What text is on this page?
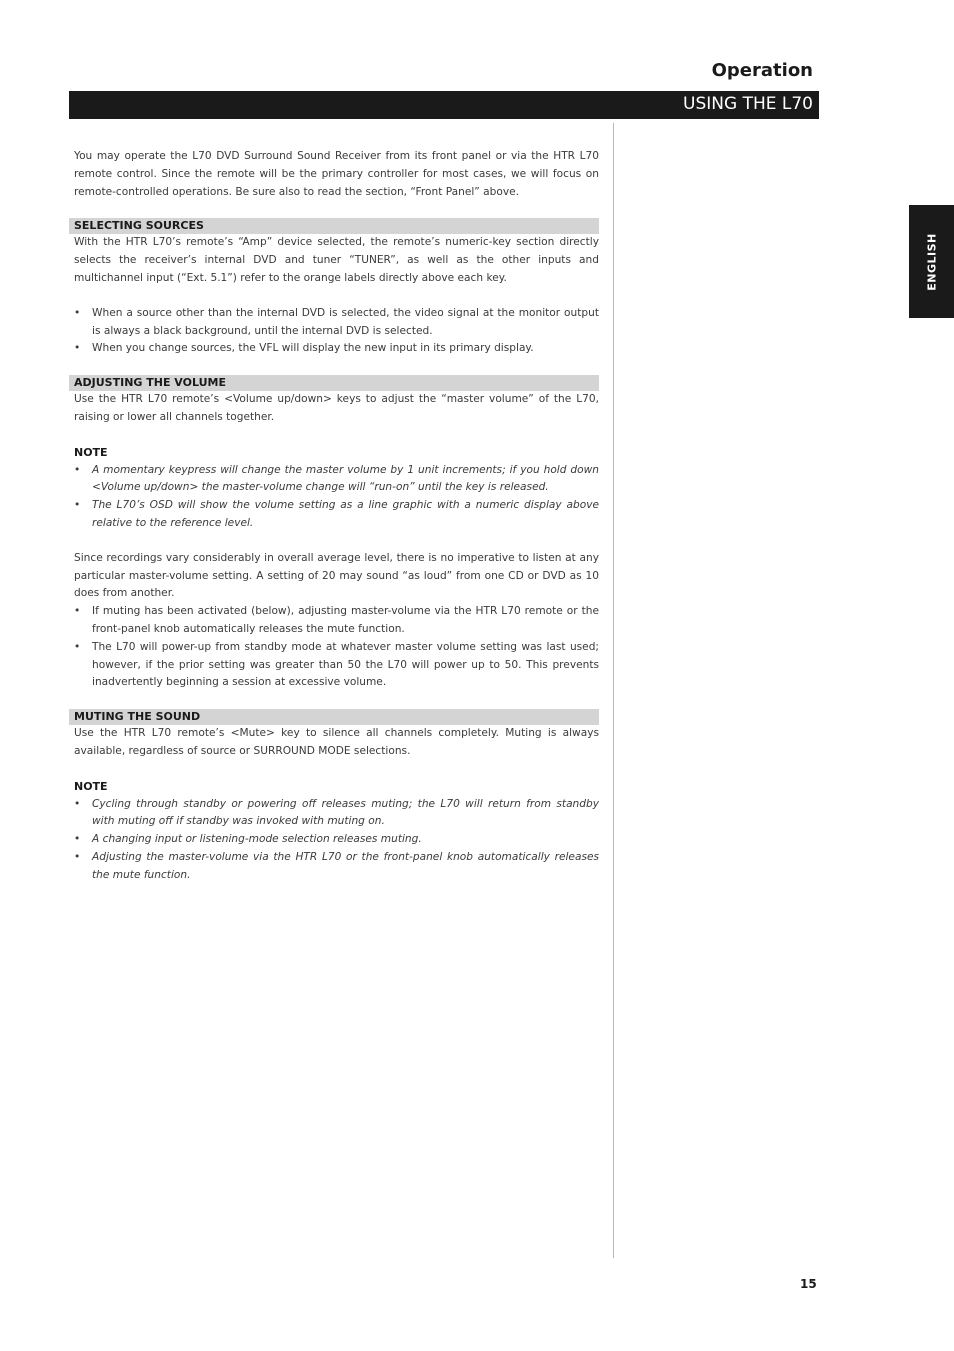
Operation
USING THE L70
ENGLISH

You may operate the L70 DVD Surround Sound Receiver from its front panel or via the HTR L70 remote control. Since the remote will be the primary controller for most cases, we will focus on remote-controlled operations. Be sure also to read the section, “Front Panel” above.

SELECTING SOURCES

With the HTR L70’s remote’s “Amp” device selected, the remote’s numeric-key section directly selects the receiver’s internal DVD and tuner “TUNER”, as well as the other inputs and multichannel input (“Ext. 5.1”) refer to the orange labels directly above each key.

• When a source other than the internal DVD is selected, the video signal at the monitor output is always a black background, until the internal DVD is selected.
• When you change sources, the VFL will display the new input in its primary display.
ADJUSTING THE VOLUME

Use the HTR L70 remote’s <Volume up/down> keys to adjust the “master volume” of the L70, raising or lower all channels together.

NOTE
• A momentary keypress will change the master volume by 1 unit increments; if you hold down <Volume up/down> the master-volume change will “run-on” until the key is released.
• The L70’s OSD will show the volume setting as a line graphic with a numeric display above relative to the reference level.

Since recordings vary considerably in overall average level, there is no imperative to listen at any particular master-volume setting. A setting of 20 may sound “as loud” from one CD or DVD as 10 does from another.

• If muting has been activated (below), adjusting master-volume via the HTR L70 remote or the front-panel knob automatically releases the mute function.
• The L70 will power-up from standby mode at whatever master volume setting was last used; however, if the prior setting was greater than 50 the L70 will power up to 50. This prevents inadvertently beginning a session at excessive volume.
MUTING THE SOUND

Use the HTR L70 remote’s <Mute> key to silence all channels completely. Muting is always available, regardless of source or SURROUND MODE selections.

NOTE
• Cycling through standby or powering off releases muting; the L70 will return from standby with muting off if standby was invoked with muting on.
• A changing input or listening-mode selection releases muting.
• Adjusting the master-volume via the HTR L70 or the front-panel knob automatically releases the mute function.
15
